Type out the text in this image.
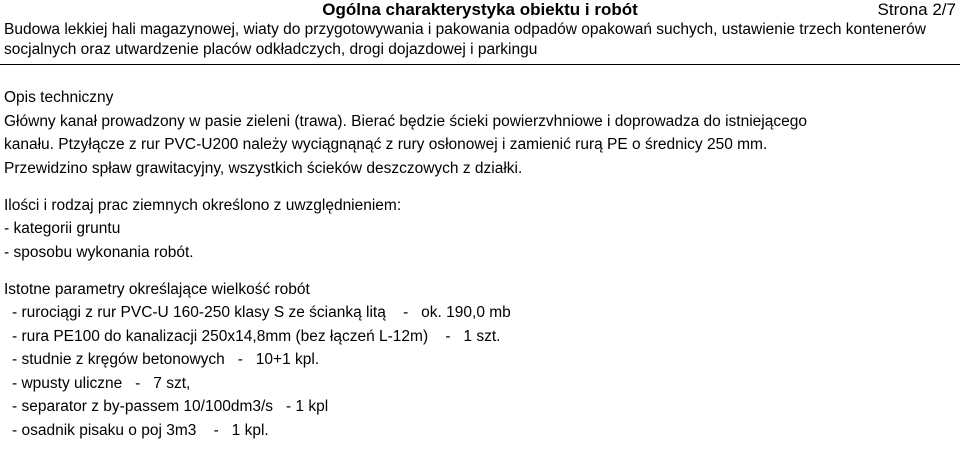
Ogólna charakterystyka obiektu i robót	Strona 2/7
Budowa lekkiej hali magazynowej, wiaty do przygotowywania i pakowania odpadów opakowań suchych, ustawienie trzech kontenerów
socjalnych oraz utwardzenie placów odkładczych, drogi dojazdowej i parkingu
Opis techniczny
Główny kanał prowadzony w pasie zieleni (trawa). Bierać będzie ścieki powierzvhniowe i doprowadza do istniejącego
kanału. Ptzyłącze z rur PVC-U200 należy wyciągnąnąć z rury osłonowej i zamienić rurą PE o średnicy 250 mm.
Przewidzino spław grawitacyjny, wszystkich ścieków deszczowych z działki.
Ilości i rodzaj prac ziemnych określono z uwzględnieniem:
- kategorii gruntu
- sposobu wykonania robót.
Istotne parametry określające wielkość robót
- rurociągi z rur PVC-U 160-250 klasy S ze ścianką litą    -   ok. 190,0 mb
- rura PE100 do kanalizacji 250x14,8mm (bez łączeń L-12m)    -   1 szt.
- studnie z kręgów betonowych   -   10+1 kpl.
- wpusty uliczne   -   7 szt,
- separator z by-passem 10/100dm3/s   - 1 kpl
- osadnik pisaku o poj 3m3    -   1 kpl.
